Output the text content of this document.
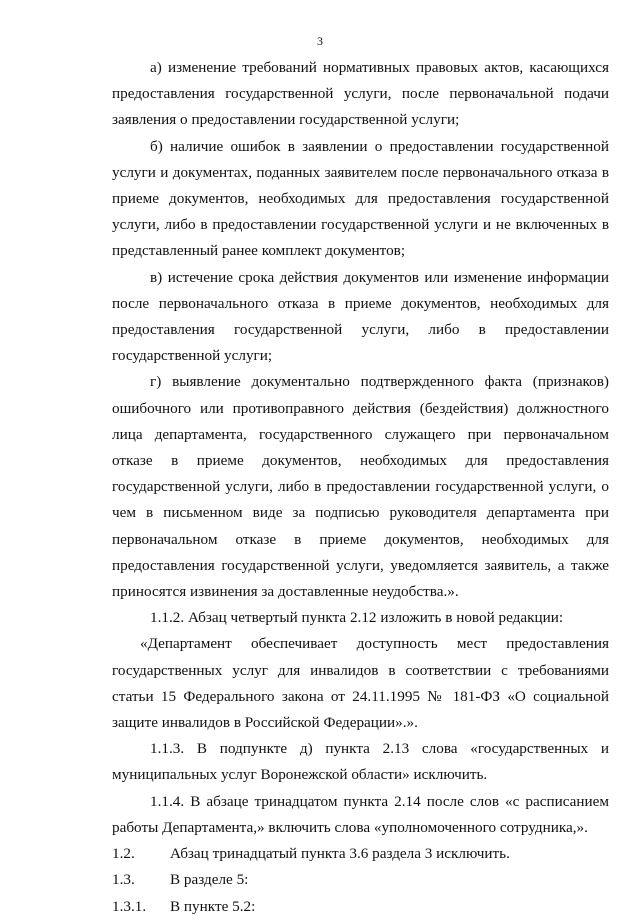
3

а) изменение требований нормативных правовых актов, касающихся предоставления государственной услуги, после первоначальной подачи заявления о предоставлении государственной услуги;

б) наличие ошибок в заявлении о предоставлении государственной услуги и документах, поданных заявителем после первоначального отказа в приеме документов, необходимых для предоставления государственной услуги, либо в предоставлении государственной услуги и не включенных в представленный ранее комплект документов;

в) истечение срока действия документов или изменение информации после первоначального отказа в приеме документов, необходимых для предоставления государственной услуги, либо в предоставлении государственной услуги;

г) выявление документально подтвержденного факта (признаков) ошибочного или противоправного действия (бездействия) должностного лица департамента, государственного служащего при первоначальном отказе в приеме документов, необходимых для предоставления государственной услуги, либо в предоставлении государственной услуги, о чем в письменном виде за подписью руководителя департамента при первоначальном отказе в приеме документов, необходимых для предоставления государственной услуги, уведомляется заявитель, а также приносятся извинения за доставленные неудобства.».

1.1.2. Абзац четвертый пункта 2.12 изложить в новой редакции:

«Департамент обеспечивает доступность мест предоставления государственных услуг для инвалидов в соответствии с требованиями статьи 15 Федерального закона от 24.11.1995 № 181-ФЗ «О социальной защите инвалидов в Российской Федерации».».

1.1.3. В подпункте д) пункта 2.13 слова «государственных и муниципальных услуг Воронежской области» исключить.

1.1.4. В абзаце тринадцатом пункта 2.14 после слов «с расписанием работы Департамента,» включить слова «уполномоченного сотрудника,».

1.2. Абзац тринадцатый пункта 3.6 раздела 3 исключить.

1.3. В разделе 5:

1.3.1. В пункте 5.2:
